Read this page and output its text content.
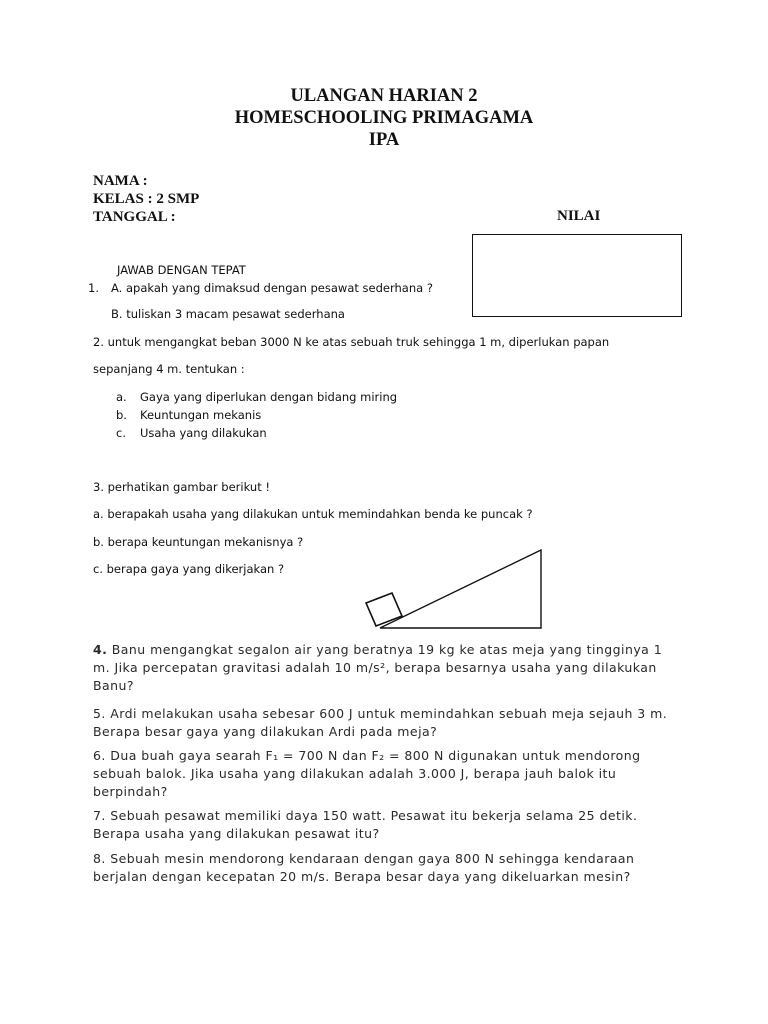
ULANGAN HARIAN 2
HOMESCHOOLING PRIMAGAMA
IPA
NAMA :
KELAS : 2 SMP
TANGGAL :	NILAI
JAWAB DENGAN TEPAT
1. A. apakah yang dimaksud dengan pesawat sederhana ?
B. tuliskan 3 macam pesawat sederhana
2. untuk mengangkat beban 3000 N ke atas sebuah truk sehingga 1 m, diperlukan papan
sepanjang 4 m. tentukan :
a. Gaya yang diperlukan dengan bidang miring
b. Keuntungan mekanis
c. Usaha yang dilakukan
3. perhatikan gambar berikut !
a. berapakah usaha yang dilakukan untuk memindahkan benda ke puncak ?
b. berapa keuntungan mekanisnya ?
c. berapa gaya yang dikerjakan ?
4. Banu mengangkat segalon air yang beratnya 19 kg ke atas meja yang tingginya 1 m. Jika percepatan gravitasi adalah 10 m/s², berapa besarnya usaha yang dilakukan Banu?
5. Ardi melakukan usaha sebesar 600 J untuk memindahkan sebuah meja sejauh 3 m. Berapa besar gaya yang dilakukan Ardi pada meja?
6. Dua buah gaya searah F₁ = 700 N dan F₂ = 800 N digunakan untuk mendorong sebuah balok. Jika usaha yang dilakukan adalah 3.000 J, berapa jauh balok itu berpindah?
7. Sebuah pesawat memiliki daya 150 watt. Pesawat itu bekerja selama 25 detik. Berapa usaha yang dilakukan pesawat itu?
8. Sebuah mesin mendorong kendaraan dengan gaya 800 N sehingga kendaraan berjalan dengan kecepatan 20 m/s. Berapa besar daya yang dikeluarkan mesin?
